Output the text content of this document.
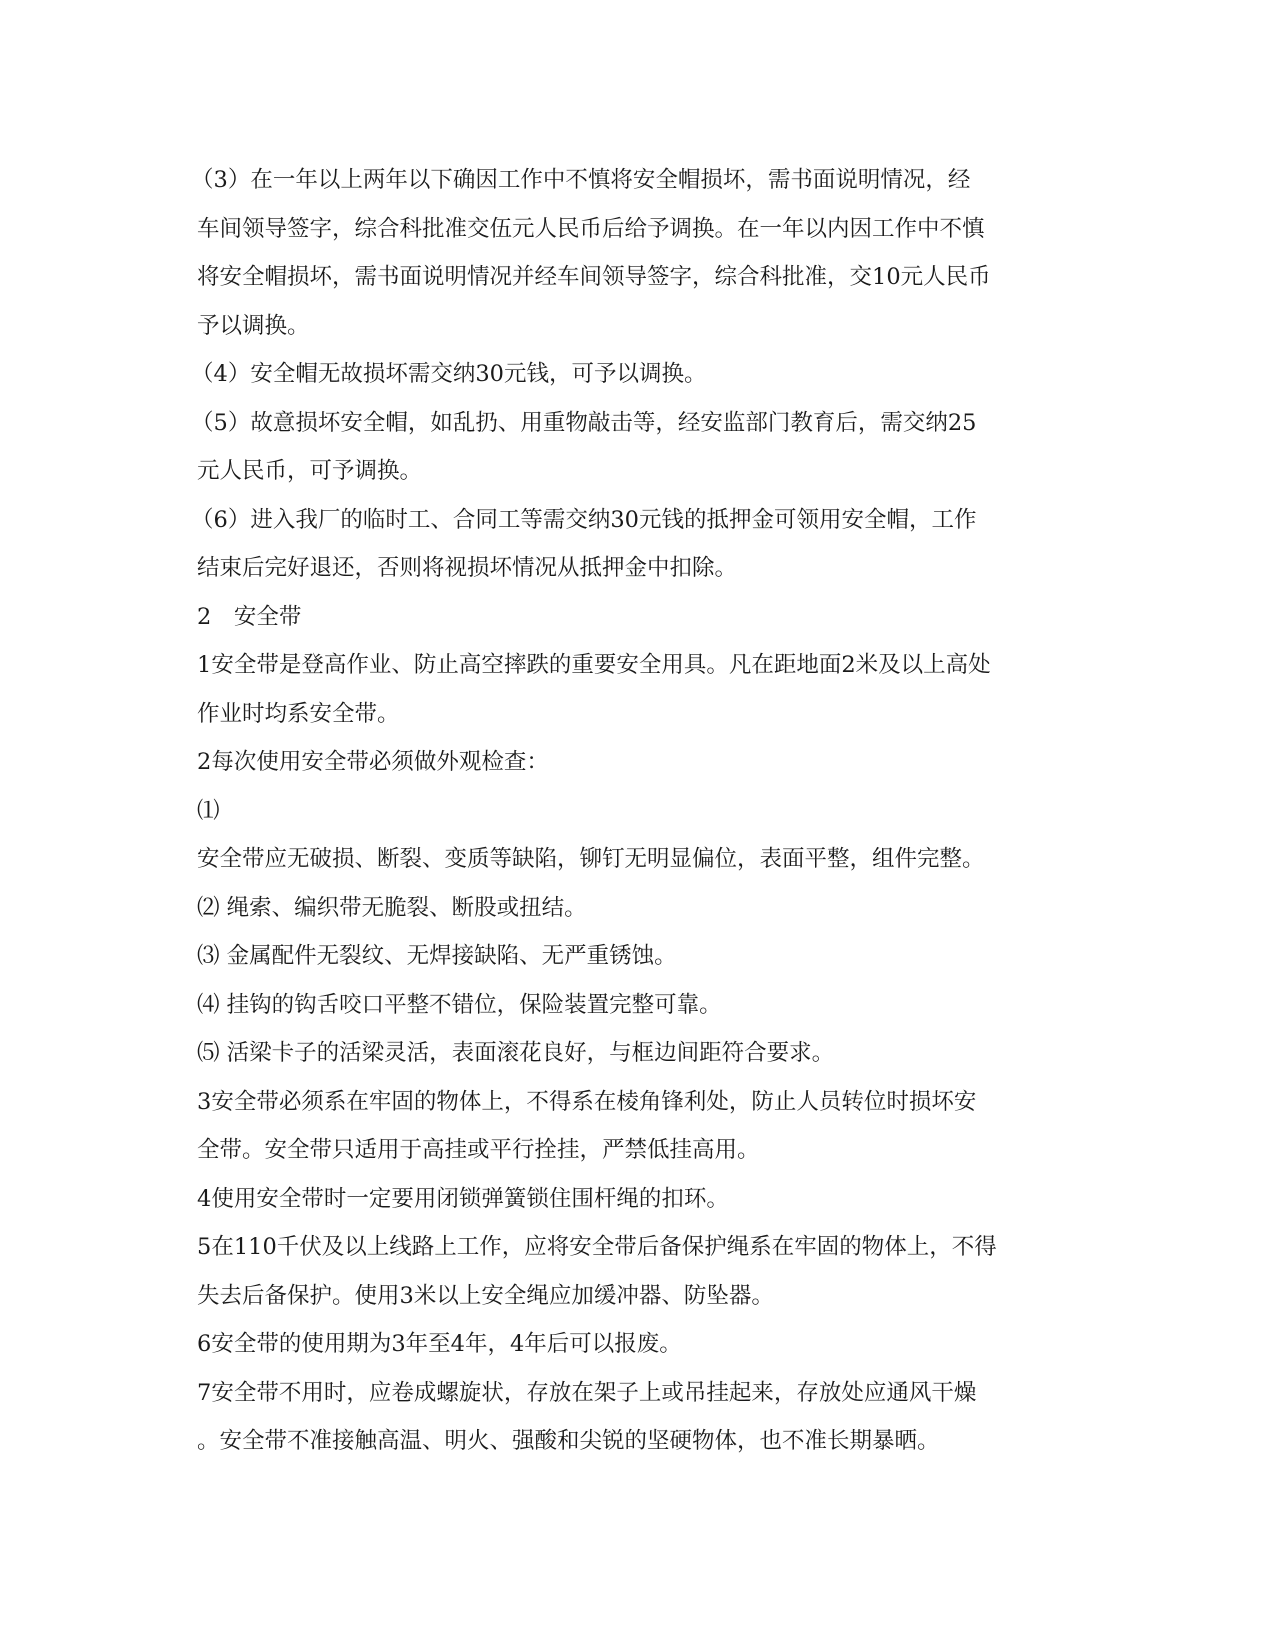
（3）在一年以上两年以下确因工作中不慎将安全帽损坏，需书面说明情况，经
车间领导签字，综合科批准交伍元人民币后给予调换。在一年以内因工作中不慎
将安全帽损坏，需书面说明情况并经车间领导签字，综合科批准，交10元人民币
予以调换。
（4）安全帽无故损坏需交纳30元钱，可予以调换。
（5）故意损坏安全帽，如乱扔、用重物敲击等，经安监部门教育后，需交纳25
元人民币，可予调换。
（6）进入我厂的临时工、合同工等需交纳30元钱的抵押金可领用安全帽，工作
结束后完好退还，否则将视损坏情况从抵押金中扣除。
2　安全带
1安全带是登高作业、防止高空摔跌的重要安全用具。凡在距地面2米及以上高处
作业时均系安全带。
2每次使用安全带必须做外观检查：
⑴
安全带应无破损、断裂、变质等缺陷，铆钉无明显偏位，表面平整，组件完整。
⑵ 绳索、编织带无脆裂、断股或扭结。
⑶ 金属配件无裂纹、无焊接缺陷、无严重锈蚀。
⑷ 挂钩的钩舌咬口平整不错位，保险装置完整可靠。
⑸ 活梁卡子的活梁灵活，表面滚花良好，与框边间距符合要求。
3安全带必须系在牢固的物体上，不得系在棱角锋利处，防止人员转位时损坏安
全带。安全带只适用于高挂或平行拴挂，严禁低挂高用。
4使用安全带时一定要用闭锁弹簧锁住围杆绳的扣环。
5在110千伏及以上线路上工作，应将安全带后备保护绳系在牢固的物体上，不得
失去后备保护。使用3米以上安全绳应加缓冲器、防坠器。
6安全带的使用期为3年至4年，4年后可以报废。
7安全带不用时，应卷成螺旋状，存放在架子上或吊挂起来，存放处应通风干燥
。安全带不准接触高温、明火、强酸和尖锐的坚硬物体，也不准长期暴晒。
